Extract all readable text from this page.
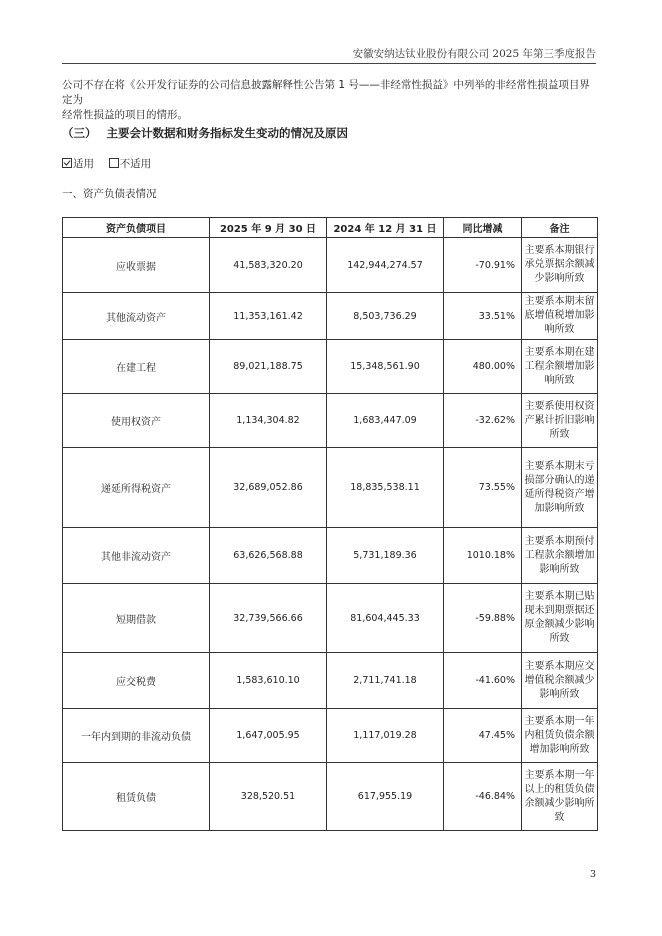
安徽安纳达钛业股份有限公司 2025 年第三季度报告
公司不存在将《公开发行证券的公司信息披露解释性公告第 1 号——非经常性损益》中列举的非经常性损益项目界定为
经常性损益的项目的情形。
（三） 主要会计数据和财务指标发生变动的情况及原因
适用 不适用
一、资产负债表情况
资产负债项目	2025 年 9 月 30 日	2024 年 12 月 31 日	同比增减	备注
应收票据	41,583,320.20	142,944,274.57	-70.91%	主要系本期银行
承兑票据余额减
少影响所致

其他流动资产	11,353,161.42	8,503,736.29	33.51%	主要系本期末留
底增值税增加影
响所致

在建工程	89,021,188.75	15,348,561.90	480.00%	主要系本期在建
工程余额增加影
响所致

使用权资产	1,134,304.82	1,683,447.09	-32.62%	主要系使用权资
产累计折旧影响
所致

递延所得税资产	32,689,052.86	18,835,538.11	73.55%	主要系本期末亏
损部分确认的递
延所得税资产增
加影响所致

其他非流动资产	63,626,568.88	5,731,189.36	1010.18%	主要系本期预付
工程款余额增加
影响所致

短期借款	32,739,566.66	81,604,445.33	-59.88%	主要系本期已贴
现未到期票据还
原金额减少影响
所致

应交税费	1,583,610.10	2,711,741.18	-41.60%	主要系本期应交
增值税余额减少
影响所致

一年内到期的非流动负债	1,647,005.95	1,117,019.28	47.45%	主要系本期一年
内租赁负债余额
增加影响所致

租赁负债	328,520.51	617,955.19	-46.84%	主要系本期一年
以上的租赁负债
余额减少影响所
致
3
